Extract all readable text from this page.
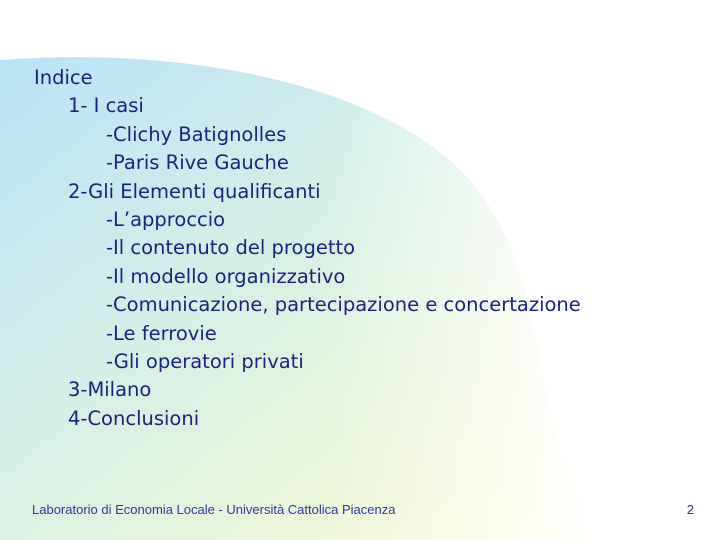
Indice
1- I casi
-Clichy Batignolles
-Paris Rive Gauche
2-Gli Elementi qualificanti
-L’approccio
-Il contenuto del progetto
-Il modello organizzativo
-Comunicazione, partecipazione e concertazione
-Le ferrovie
-Gli operatori privati
3-Milano
4-Conclusioni
Laboratorio di Economia Locale - Università Cattolica Piacenza	2
